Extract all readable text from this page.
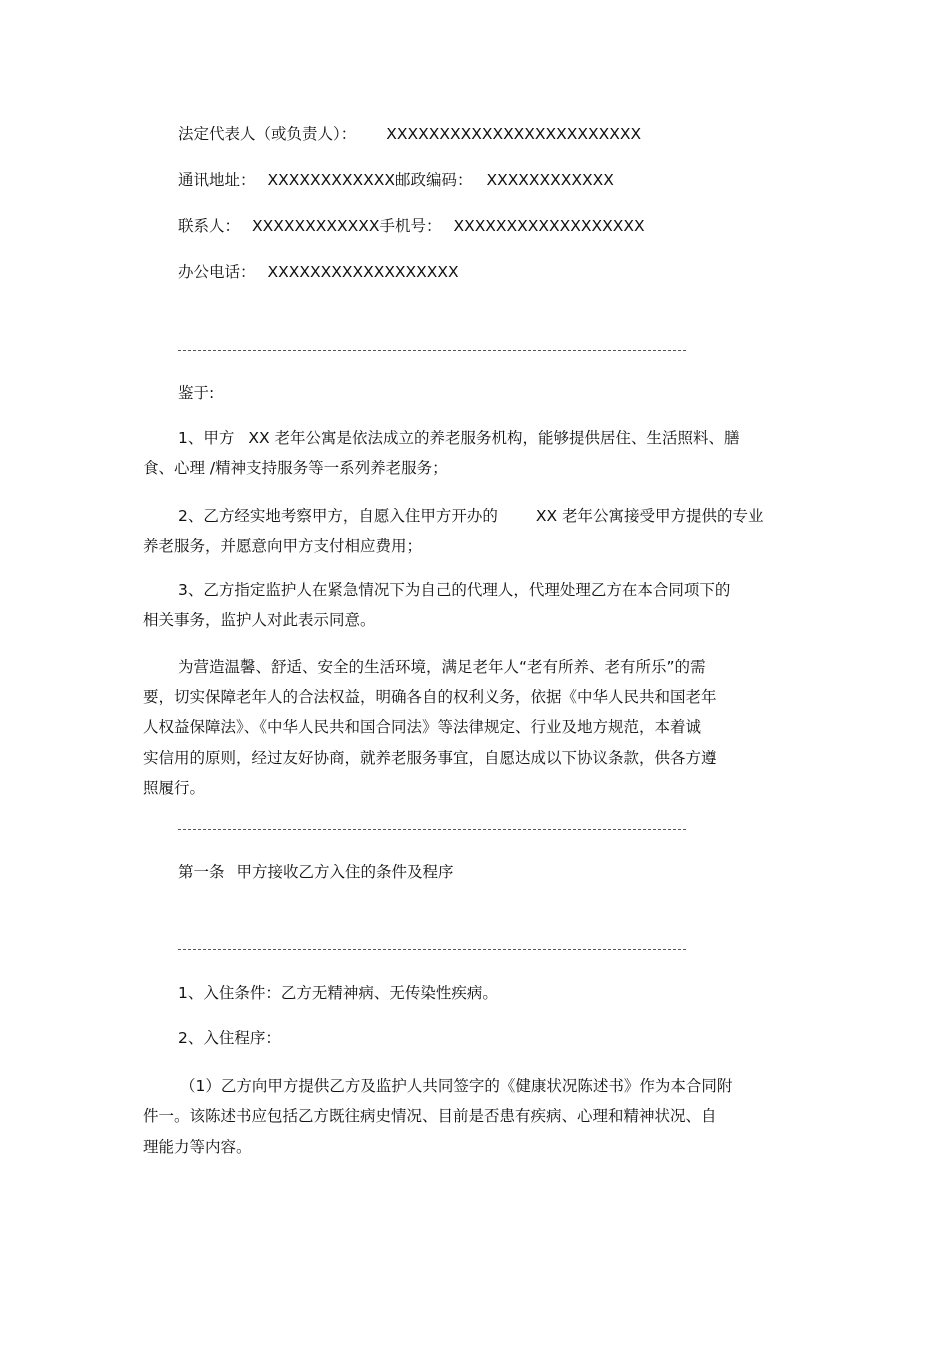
法定代表人（或负责人）： XXXXXXXXXXXXXXXXXXXXXXXX

通讯地址： XXXXXXXXXXXX邮政编码： XXXXXXXXXXXX

联系人： XXXXXXXXXXXX手机号： XXXXXXXXXXXXXXXXXX

办公电话： XXXXXXXXXXXXXXXXXX

鉴于:

1、甲方 XX 老年公寓是依法成立的养老服务机构，能够提供居住、生活照料、膳

食、心理 /精神支持服务等一系列养老服务；

2、乙方经实地考察甲方，自愿入住甲方开办的 XX 老年公寓接受甲方提供的专业

养老服务，并愿意向甲方支付相应费用；

3、乙方指定监护人在紧急情况下为自己的代理人，代理处理乙方在本合同项下的

相关事务，监护人对此表示同意。

为营造温馨、舒适、安全的生活环境，满足老年人“老有所养、老有所乐”的需

要，切实保障老年人的合法权益，明确各自的权利义务，依据《中华人民共和国老年

人权益保障法》、《中华人民共和国合同法》等法律规定、行业及地方规范，本着诚

实信用的原则，经过友好协商，就养老服务事宜，自愿达成以下协议条款，供各方遵

照履行。

第一条 甲方接收乙方入住的条件及程序

1、入住条件：乙方无精神病、无传染性疾病。

2、入住程序：

（1）乙方向甲方提供乙方及监护人共同签字的《健康状况陈述书》作为本合同附

件一。该陈述书应包括乙方既往病史情况、目前是否患有疾病、心理和精神状况、自

理能力等内容。
